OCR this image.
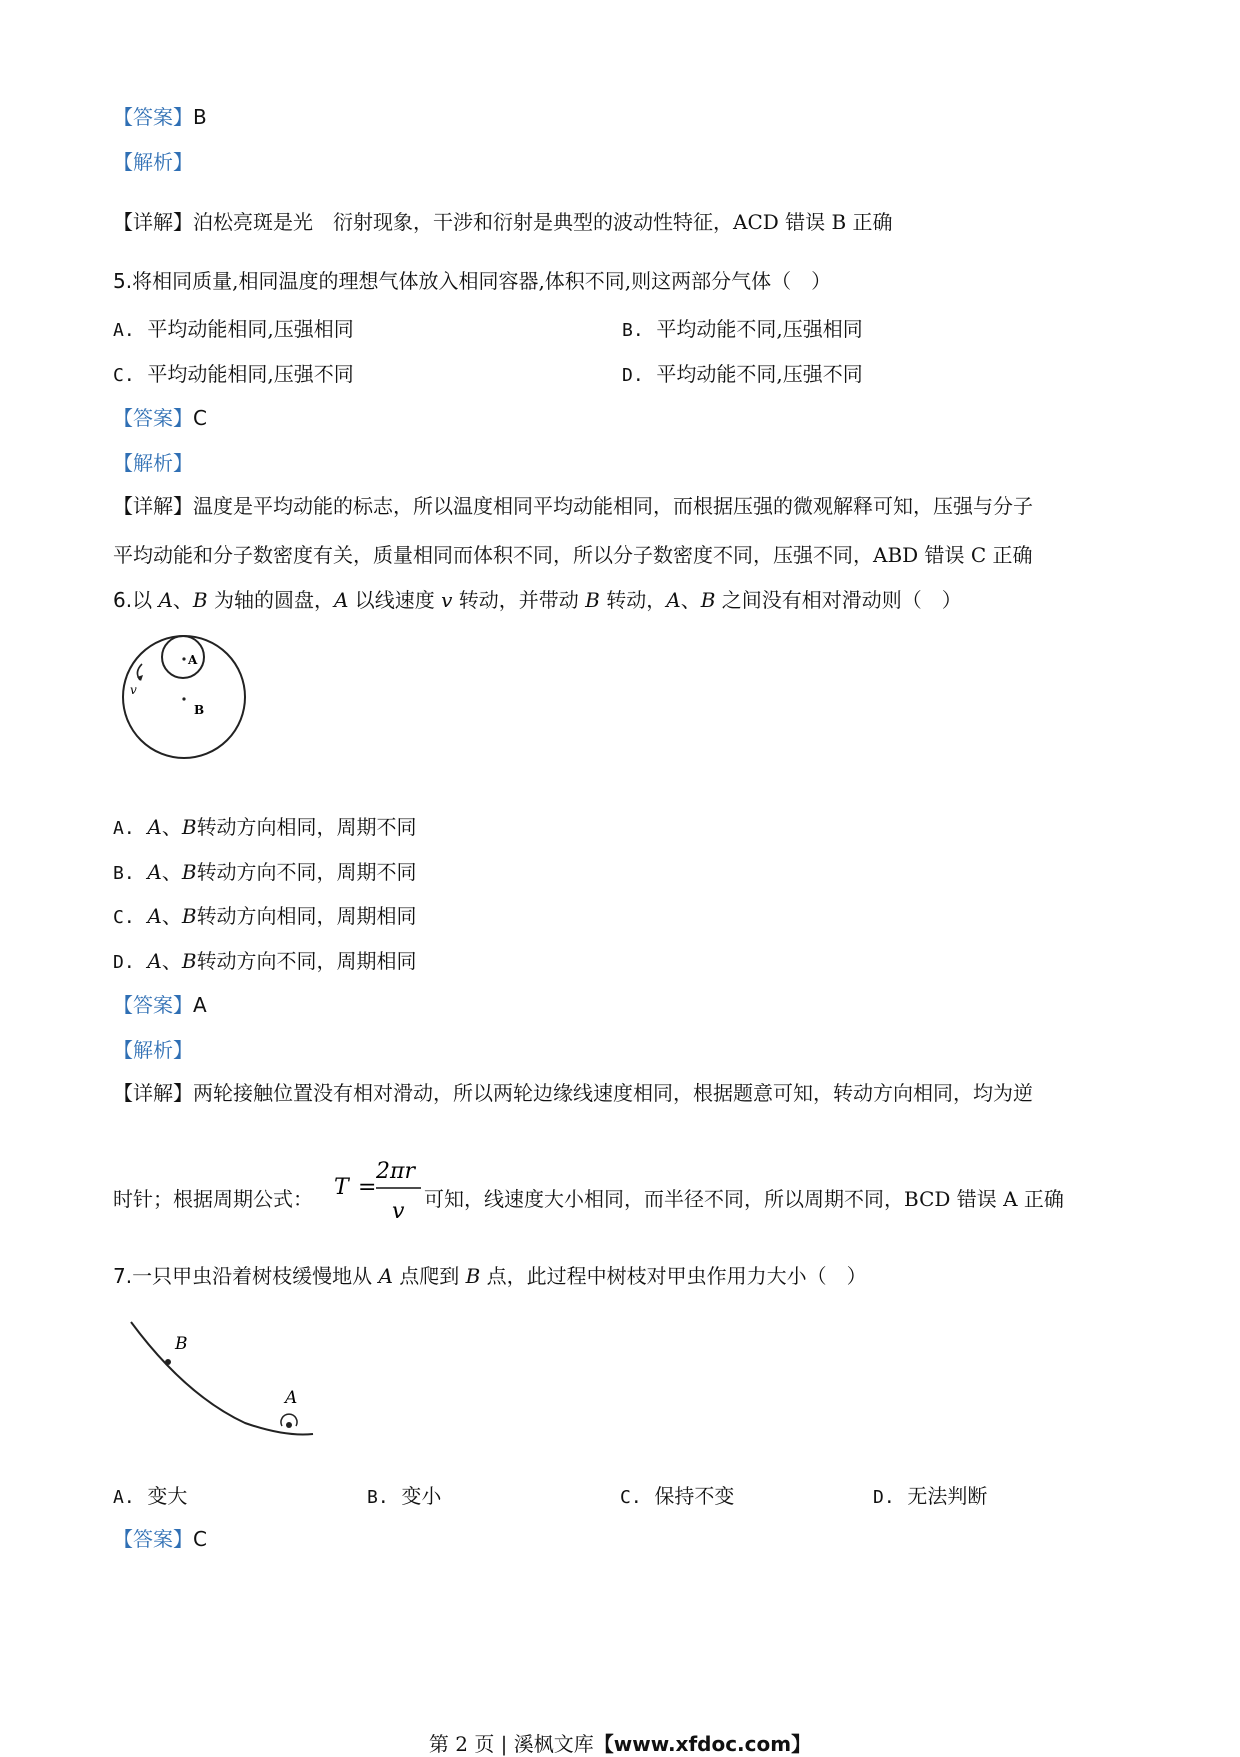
【答案】B
【解析】
【详解】泊松亮斑是光　衍射现象，干涉和衍射是典型的波动性特征，ACD 错误 B 正确
5.将相同质量,相同温度的理想气体放入相同容器,体积不同,则这两部分气体（　）
A. 平均动能相同,压强相同	B. 平均动能不同,压强相同
C. 平均动能相同,压强不同	D. 平均动能不同,压强不同
【答案】C
【解析】
【详解】温度是平均动能的标志，所以温度相同平均动能相同，而根据压强的微观解释可知，压强与分子
平均动能和分子数密度有关，质量相同而体积不同，所以分子数密度不同，压强不同，ABD 错误 C 正确
6.以 A、B 为轴的圆盘，A 以线速度 v 转动，并带动 B 转动，A、B 之间没有相对滑动则（　）
A
B
v
A. A、B转动方向相同，周期不同
B. A、B转动方向不同，周期不同
C. A、B转动方向相同，周期相同
D. A、B转动方向不同，周期相同
【答案】A
【解析】
【详解】两轮接触位置没有相对滑动，所以两轮边缘线速度相同，根据题意可知，转动方向相同，均为逆
时针；根据周期公式： T =
2πr
v 可知，线速度大小相同，而半径不同，所以周期不同，BCD 错误 A 正确
7.一只甲虫沿着树枝缓慢地从 A 点爬到 B 点，此过程中树枝对甲虫作用力大小（　）
B
A
A. 变大	B. 变小	C. 保持不变	D. 无法判断
【答案】C
第 2 页 | 溪枫文库【www.xfdoc.com】
